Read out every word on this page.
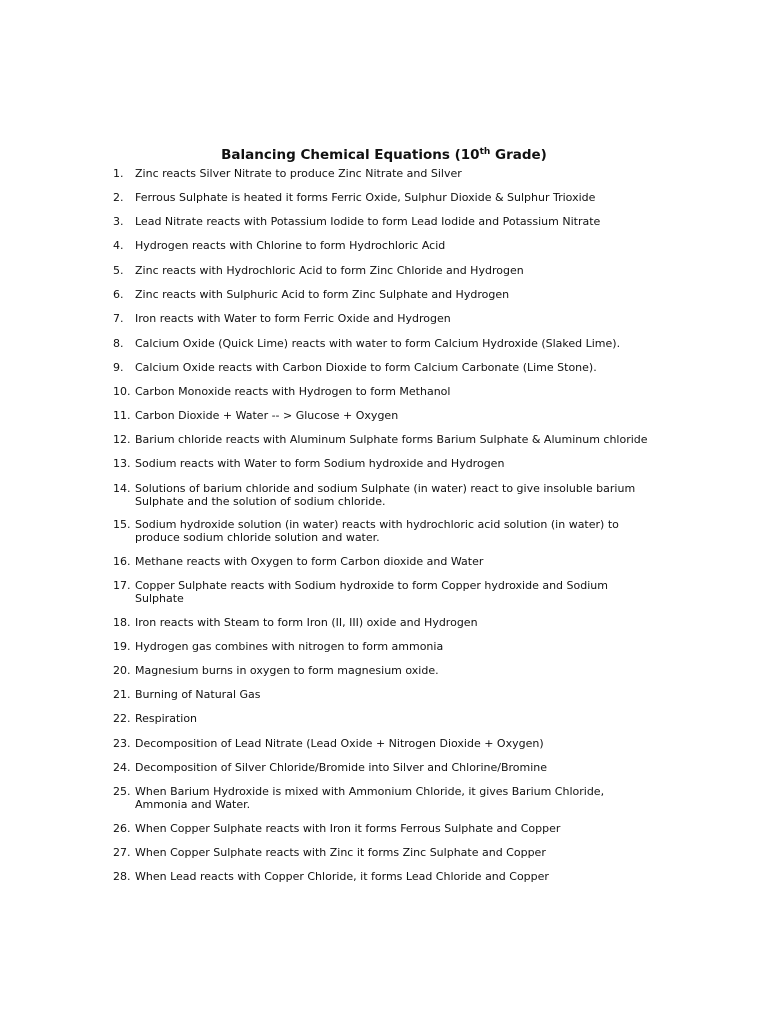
Balancing Chemical Equations (10th Grade)
1.	Zinc reacts Silver Nitrate to produce Zinc Nitrate and Silver
2.	Ferrous Sulphate is heated it forms Ferric Oxide, Sulphur Dioxide & Sulphur Trioxide
3.	Lead Nitrate reacts with Potassium Iodide to form Lead Iodide and Potassium Nitrate
4.	Hydrogen reacts with Chlorine to form Hydrochloric Acid
5.	Zinc reacts with Hydrochloric Acid to form Zinc Chloride and Hydrogen
6.	Zinc reacts with Sulphuric Acid to form Zinc Sulphate and Hydrogen
7.	Iron reacts with Water to form Ferric Oxide and Hydrogen
8.	Calcium Oxide (Quick Lime) reacts with water to form Calcium Hydroxide (Slaked Lime).
9.	Calcium Oxide reacts with Carbon Dioxide to form Calcium Carbonate (Lime Stone).
10. Carbon Monoxide reacts with Hydrogen to form Methanol
11. Carbon Dioxide + Water -- > Glucose + Oxygen
12. Barium chloride reacts with Aluminum Sulphate forms Barium Sulphate & Aluminum chloride
13. Sodium reacts with Water to form Sodium hydroxide and Hydrogen
14. Solutions of barium chloride and sodium Sulphate (in water) react to give insoluble barium
Sulphate and the solution of sodium chloride.
15. Sodium hydroxide solution (in water) reacts with hydrochloric acid solution (in water) to
produce sodium chloride solution and water.
16. Methane reacts with Oxygen to form Carbon dioxide and Water
17. Copper Sulphate reacts with Sodium hydroxide to form Copper hydroxide and Sodium
Sulphate
18. Iron reacts with Steam to form Iron (II, III) oxide and Hydrogen
19. Hydrogen gas combines with nitrogen to form ammonia
20. Magnesium burns in oxygen to form magnesium oxide.
21. Burning of Natural Gas
22. Respiration
23. Decomposition of Lead Nitrate (Lead Oxide + Nitrogen Dioxide + Oxygen)
24. Decomposition of Silver Chloride/Bromide into Silver and Chlorine/Bromine
25. When Barium Hydroxide is mixed with Ammonium Chloride, it gives Barium Chloride,
Ammonia and Water.
26. When Copper Sulphate reacts with Iron it forms Ferrous Sulphate and Copper
27. When Copper Sulphate reacts with Zinc it forms Zinc Sulphate and Copper
28. When Lead reacts with Copper Chloride, it forms Lead Chloride and Copper
